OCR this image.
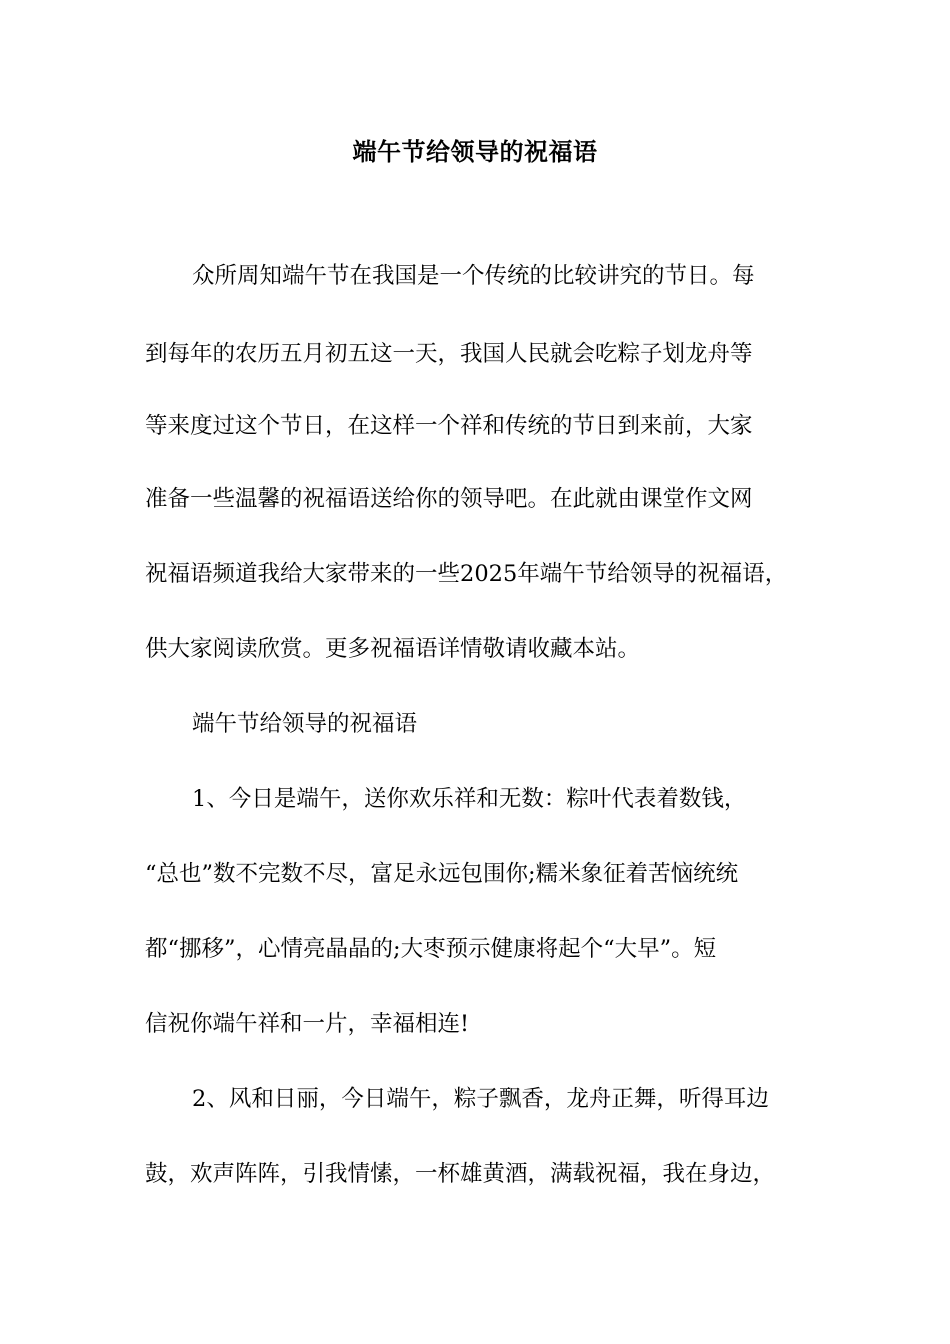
端午节给领导的祝福语

众所周知端午节在我国是一个传统的比较讲究的节日。每

到每年的农历五月初五这一天，我国人民就会吃粽子划龙舟等

等来度过这个节日，在这样一个祥和传统的节日到来前，大家

准备一些温馨的祝福语送给你的领导吧。在此就由课堂作文网

祝福语频道我给大家带来的一些2025年端午节给领导的祝福语，

供大家阅读欣赏。更多祝福语详情敬请收藏本站。

端午节给领导的祝福语

1、今日是端午，送你欢乐祥和无数：粽叶代表着数钱，

“总也”数不完数不尽，富足永远包围你;糯米象征着苦恼统统

都“挪移”，心情亮晶晶的;大枣预示健康将起个“大早”。短

信祝你端午祥和一片，幸福相连!

2、风和日丽，今日端午，粽子飘香，龙舟正舞，听得耳边

鼓，欢声阵阵，引我情愫，一杯雄黄酒，满载祝福，我在身边，
